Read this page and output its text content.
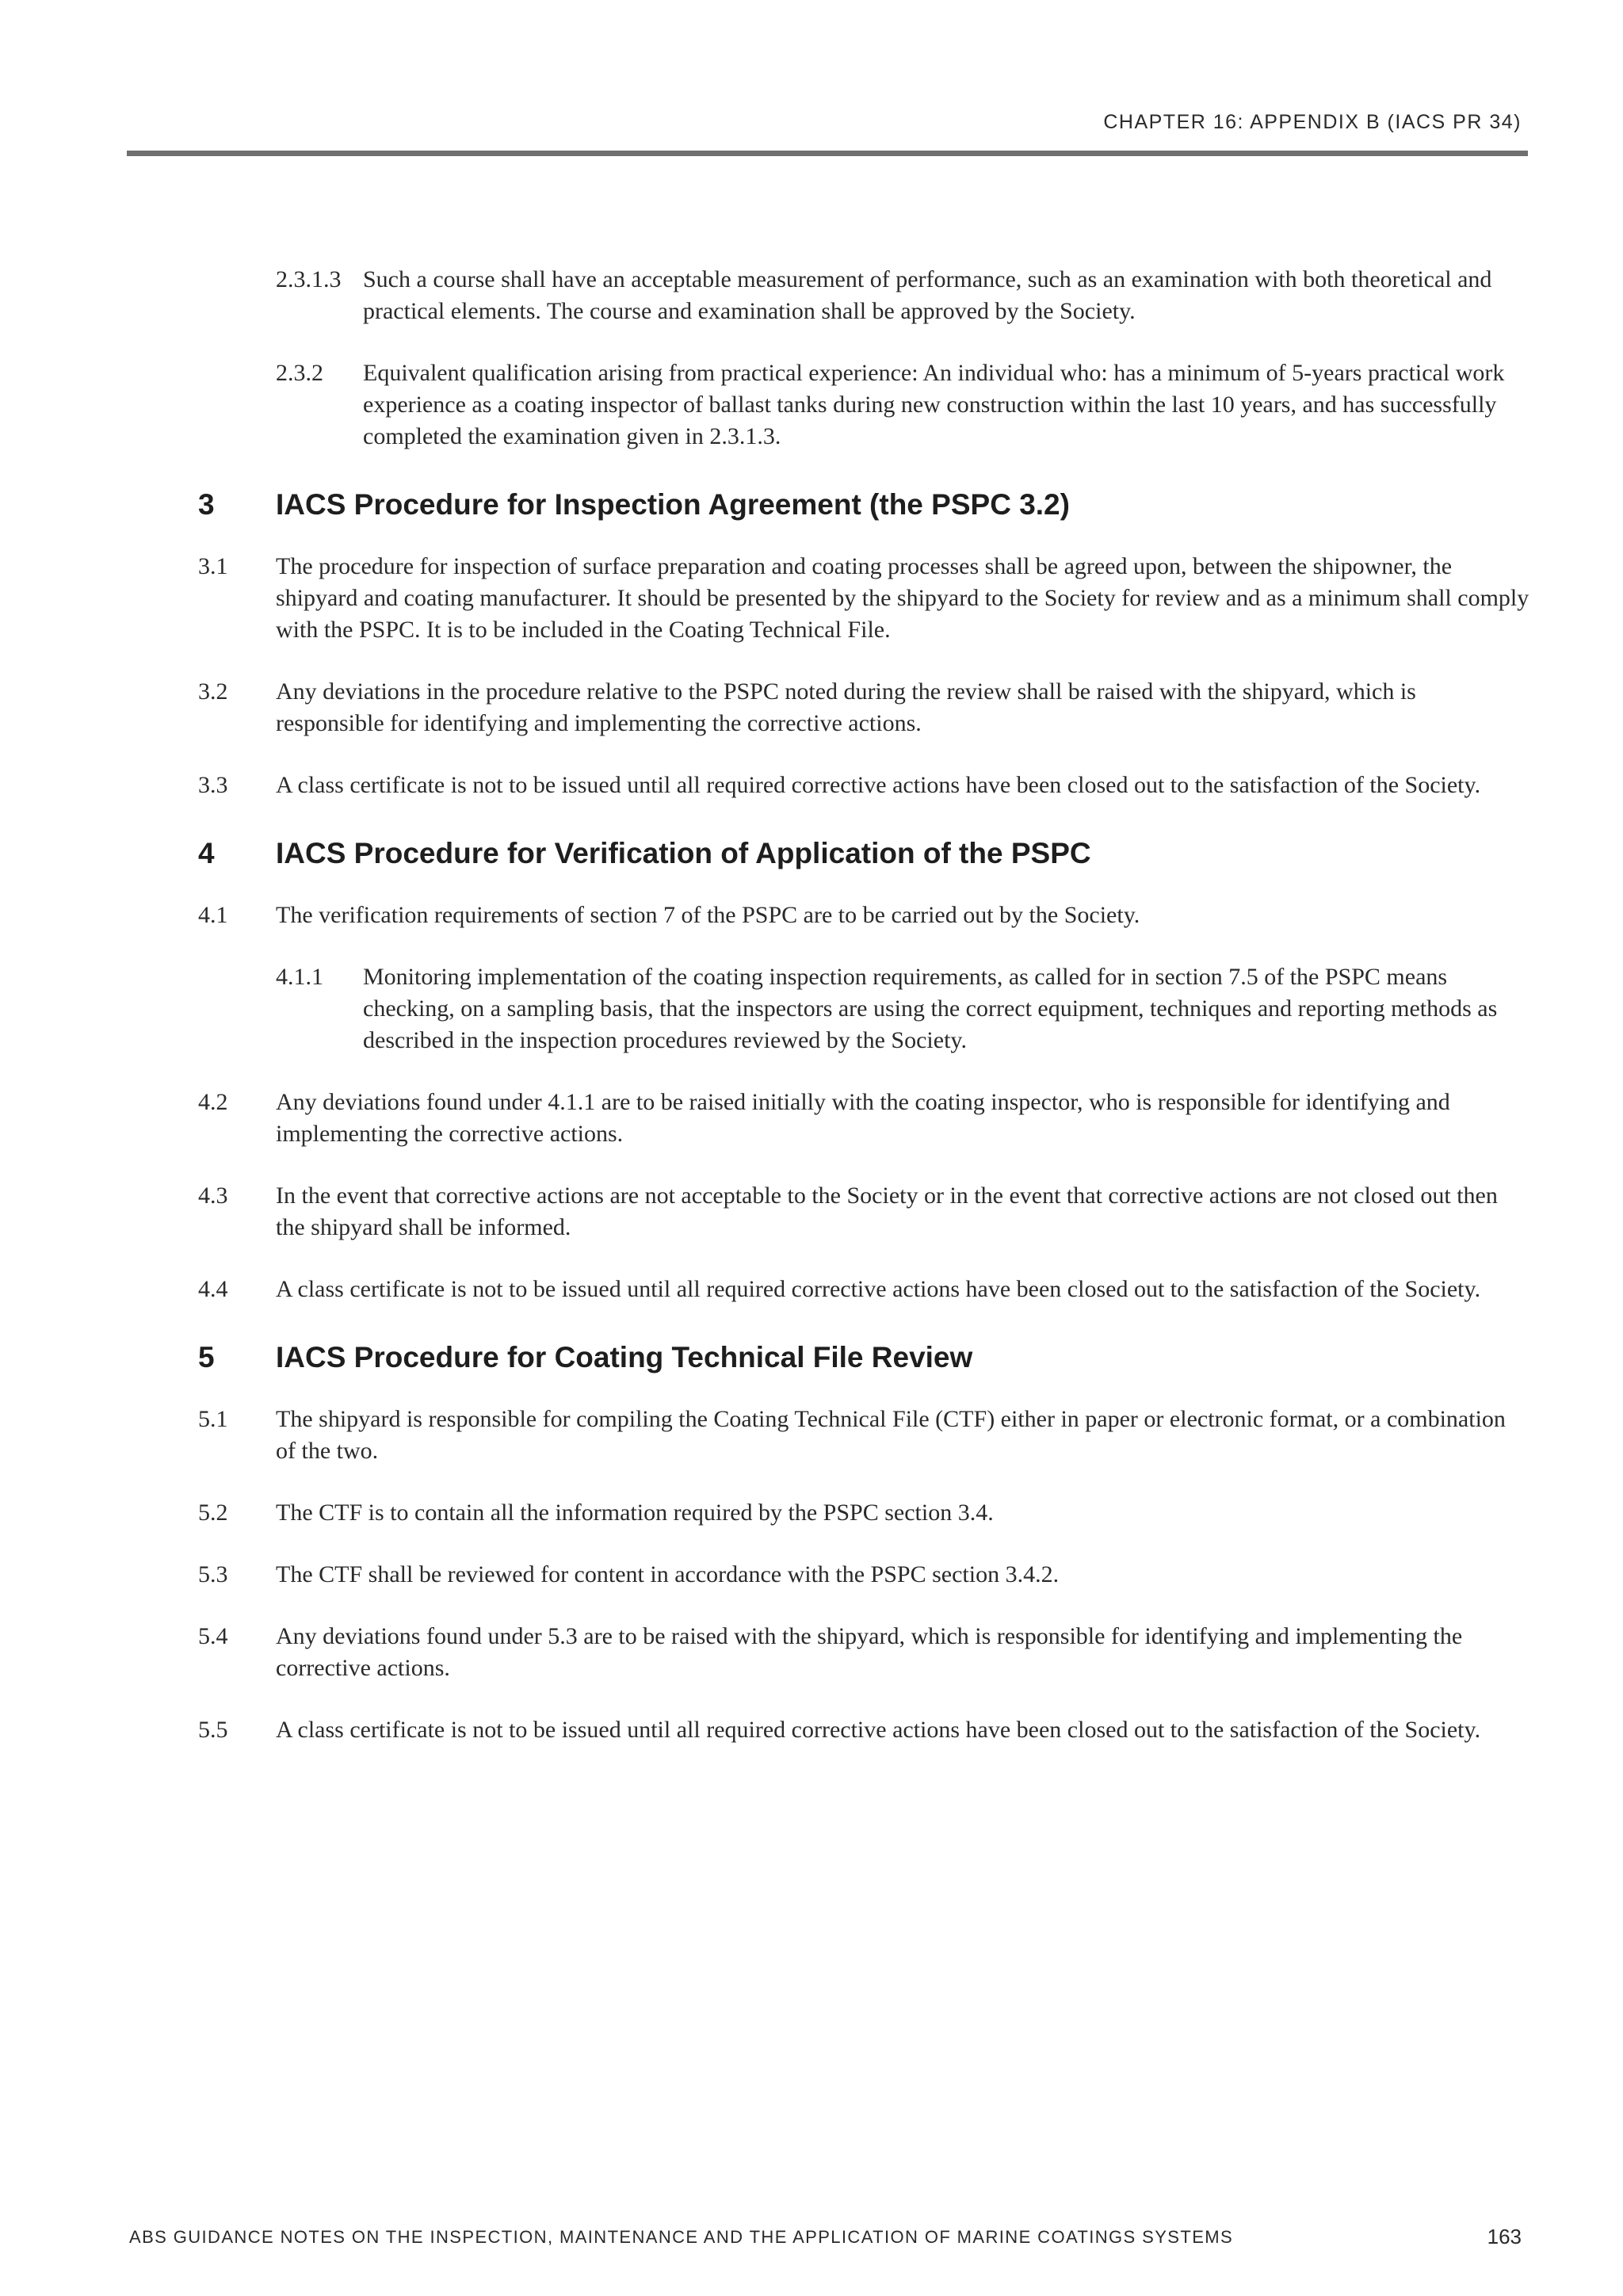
CHAPTER 16: APPENDIX B (IACS PR 34)
2.3.1.3 Such a course shall have an acceptable measurement of performance, such as an examination with both theoretical and practical elements. The course and examination shall be approved by the Society.
2.3.2	Equivalent qualification arising from practical experience: An individual who: has a minimum of 5-years practical work experience as a coating inspector of ballast tanks during new construction within the last 10 years, and has successfully completed the examination given in 2.3.1.3.
3	IACS Procedure for Inspection Agreement (the PSPC 3.2)
3.1	The procedure for inspection of surface preparation and coating processes shall be agreed upon, between the shipowner, the shipyard and coating manufacturer. It should be presented by the shipyard to the Society for review and as a minimum shall comply with the PSPC. It is to be included in the Coating Technical File.
3.2	Any deviations in the procedure relative to the PSPC noted during the review shall be raised with the shipyard, which is responsible for identifying and implementing the corrective actions.
3.3	A class certificate is not to be issued until all required corrective actions have been closed out to the satisfaction of the Society.
4	IACS Procedure for Verification of Application of the PSPC
4.1	The verification requirements of section 7 of the PSPC are to be carried out by the Society.
4.1.1	Monitoring implementation of the coating inspection requirements, as called for in section 7.5 of the PSPC means checking, on a sampling basis, that the inspectors are using the correct equipment, techniques and reporting methods as described in the inspection procedures reviewed by the Society.
4.2	Any deviations found under 4.1.1 are to be raised initially with the coating inspector, who is responsible for identifying and implementing the corrective actions.
4.3	In the event that corrective actions are not acceptable to the Society or in the event that corrective actions are not closed out then the shipyard shall be informed.
4.4	A class certificate is not to be issued until all required corrective actions have been closed out to the satisfaction of the Society.
5	IACS Procedure for Coating Technical File Review
5.1	The shipyard is responsible for compiling the Coating Technical File (CTF) either in paper or electronic format, or a combination of the two.
5.2	The CTF is to contain all the information required by the PSPC section 3.4.
5.3	The CTF shall be reviewed for content in accordance with the PSPC section 3.4.2.
5.4	Any deviations found under 5.3 are to be raised with the shipyard, which is responsible for identifying and implementing the corrective actions.
5.5	A class certificate is not to be issued until all required corrective actions have been closed out to the satisfaction of the Society.
ABS GUIDANCE NOTES ON THE INSPECTION, MAINTENANCE AND THE APPLICATION OF MARINE COATINGS SYSTEMS	163
